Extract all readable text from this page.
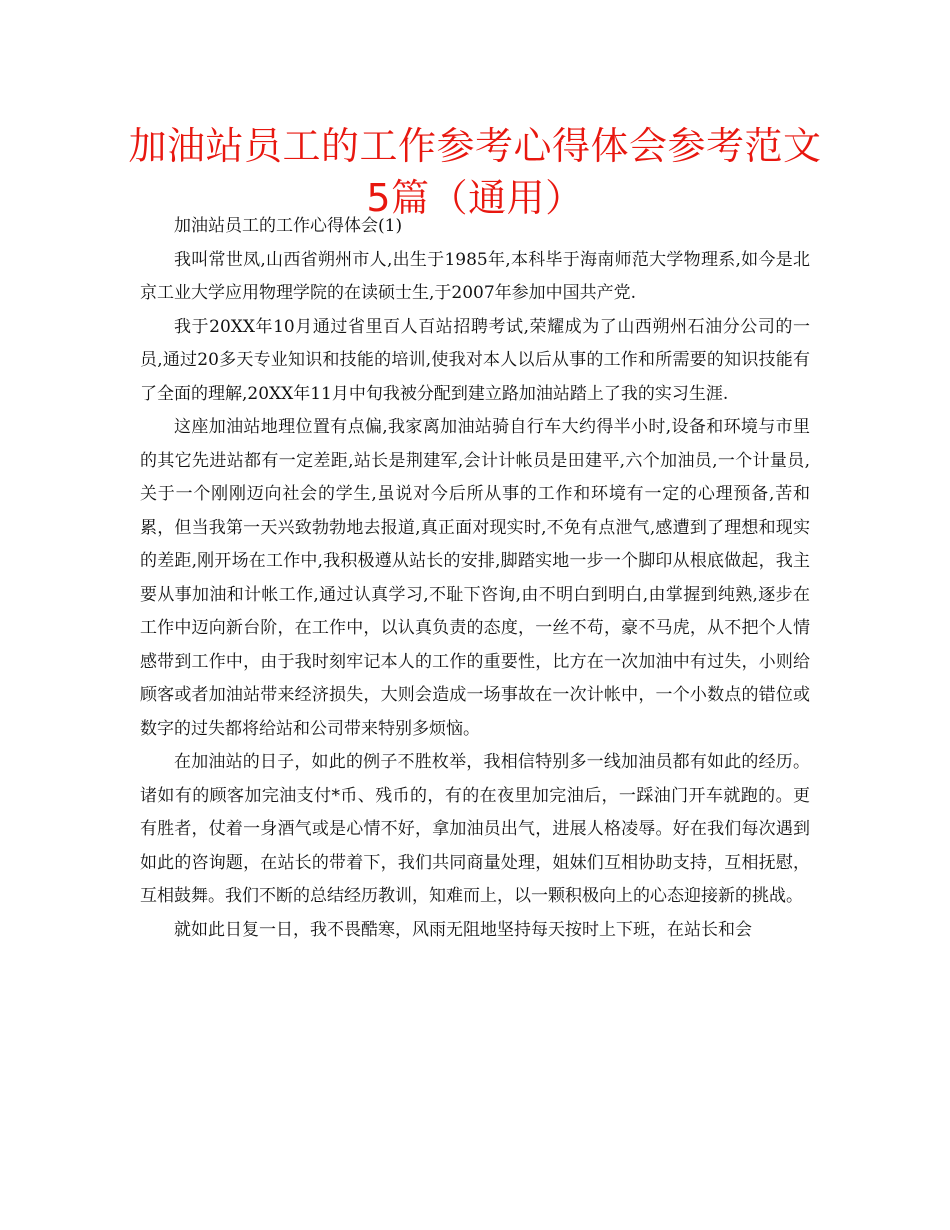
加油站员工的工作参考心得体会参考范文5篇（通用）

加油站员工的工作心得体会(1)

我叫常世凤,山西省朔州市人,出生于1985年,本科毕于海南师范大学物理系,如今是北京工业大学应用物理学院的在读硕士生,于2007年参加中国共产党.

我于20XX年10月通过省里百人百站招聘考试,荣耀成为了山西朔州石油分公司的一员,通过20多天专业知识和技能的培训,使我对本人以后从事的工作和所需要的知识技能有了全面的理解,20XX年11月中旬我被分配到建立路加油站踏上了我的实习生涯.

这座加油站地理位置有点偏,我家离加油站骑自行车大约得半小时,设备和环境与市里的其它先进站都有一定差距,站长是荆建军,会计计帐员是田建平,六个加油员,一个计量员,关于一个刚刚迈向社会的学生,虽说对今后所从事的工作和环境有一定的心理预备,苦和累，但当我第一天兴致勃勃地去报道,真正面对现实时,不免有点泄气,感遭到了理想和现实的差距,刚开场在工作中,我积极遵从站长的安排,脚踏实地一步一个脚印从根底做起，我主要从事加油和计帐工作,通过认真学习,不耻下咨询,由不明白到明白,由掌握到纯熟,逐步在工作中迈向新台阶，在工作中，以认真负责的态度，一丝不苟，豪不马虎，从不把个人情感带到工作中，由于我时刻牢记本人的工作的重要性，比方在一次加油中有过失，小则给顾客或者加油站带来经济损失，大则会造成一场事故在一次计帐中，一个小数点的错位或数字的过失都将给站和公司带来特别多烦恼。

在加油站的日子，如此的例子不胜枚举，我相信特别多一线加油员都有如此的经历。诸如有的顾客加完油支付*币、残币的，有的在夜里加完油后，一踩油门开车就跑的。更有胜者，仗着一身酒气或是心情不好，拿加油员出气，进展人格凌辱。好在我们每次遇到如此的咨询题，在站长的带着下，我们共同商量处理，姐妹们互相协助支持，互相抚慰，互相鼓舞。我们不断的总结经历教训，知难而上，以一颗积极向上的心态迎接新的挑战。

就如此日复一日，我不畏酷寒，风雨无阻地坚持每天按时上下班，在站长和会
